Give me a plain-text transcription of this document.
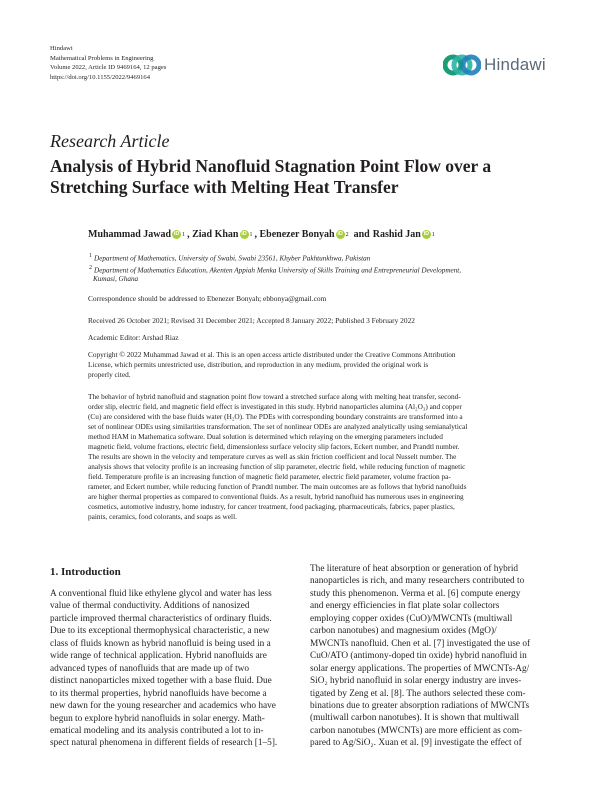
Hindawi
Mathematical Problems in Engineering
Volume 2022, Article ID 9469164, 12 pages
https://doi.org/10.1155/2022/9469164
Hindawi
Research Article
Analysis of Hybrid Nanofluid Stagnation Point Flow over a
Stretching Surface with Melting Heat Transfer
Muhammad Jawad iD 1 , Ziad Khan iD 1 , Ebenezer Bonyah iD 2 and Rashid Jan iD 1
$^1$ Department of Mathematics, University of Swabi, Swabi 23561, Khyber Pakhtunkhwa, Pakistan
$^2$ Department of Mathematics Education, Akenten Appiah Menka University of Skills Training and Entrepreneurial Development,
Kumasi, Ghana
Correspondence should be addressed to Ebenezer Bonyah; ebbonya@gmail.com
Received 26 October 2021; Revised 31 December 2021; Accepted 8 January 2022; Published 3 February 2022
Academic Editor: Arshad Riaz
Copyright © 2022 Muhammad Jawad et al. This is an open access article distributed under the Creative Commons Attribution
License, which permits unrestricted use, distribution, and reproduction in any medium, provided the original work is
properly cited.
The behavior of hybrid nanofluid and stagnation point flow toward a stretched surface along with melting heat transfer, second-
order slip, electric field, and magnetic field effect is investigated in this study. Hybrid nanoparticles alumina (Al₂O₃) and copper
(Cu) are considered with the base fluids water (H₂O). The PDEs with corresponding boundary constraints are transformed into a
set of nonlinear ODEs using similarities transformation. The set of nonlinear ODEs are analyzed analytically using semianalytical
method HAM in Mathematica software. Dual solution is determined which relaying on the emerging parameters included
magnetic field, volume fractions, electric field, dimensionless surface velocity slip factors, Eckert number, and Prandtl number.
The results are shown in the velocity and temperature curves as well as skin friction coefficient and local Nusselt number. The
analysis shows that velocity profile is an increasing function of slip parameter, electric field, while reducing function of magnetic
field. Temperature profile is an increasing function of magnetic field parameter, electric field parameter, volume fraction pa-
rameter, and Eckert number, while reducing function of Prandtl number. The main outcomes are as follows that hybrid nanofluids
are higher thermal properties as compared to conventional fluids. As a result, hybrid nanofluid has numerous uses in engineering
cosmetics, automotive industry, home industry, for cancer treatment, food packaging, pharmaceuticals, fabrics, paper plastics,
paints, ceramics, food colorants, and soaps as well.
1. Introduction
A conventional fluid like ethylene glycol and water has less
value of thermal conductivity. Additions of nanosized
particle improved thermal characteristics of ordinary fluids.
Due to its exceptional thermophysical characteristic, a new
class of fluids known as hybrid nanofluid is being used in a
wide range of technical application. Hybrid nanofluids are
advanced types of nanofluids that are made up of two
distinct nanoparticles mixed together with a base fluid. Due
to its thermal properties, hybrid nanofluids have become a
new dawn for the young researcher and academics who have
begun to explore hybrid nanofluids in solar energy. Math-
ematical modeling and its analysis contributed a lot to in-
spect natural phenomena in different fields of research [1–5].
The literature of heat absorption or generation of hybrid
nanoparticles is rich, and many researchers contributed to
study this phenomenon. Verma et al. [6] compute energy
and energy efficiencies in flat plate solar collectors
employing copper oxides (CuO)/MWCNTs (multiwall
carbon nanotubes) and magnesium oxides (MgO)/
MWCNTs nanofluid. Chen et al. [7] investigated the use of
CuO/ATO (antimony-doped tin oxide) hybrid nanofluid in
solar energy applications. The properties of MWCNTs-Ag/
SiO₂ hybrid nanofluid in solar energy industry are inves-
tigated by Zeng et al. [8]. The authors selected these com-
binations due to greater absorption radiations of MWCNTs
(multiwall carbon nanotubes). It is shown that multiwall
carbon nanotubes (MWCNTs) are more efficient as com-
pared to Ag/SiO₂. Xuan et al. [9] investigate the effect of
